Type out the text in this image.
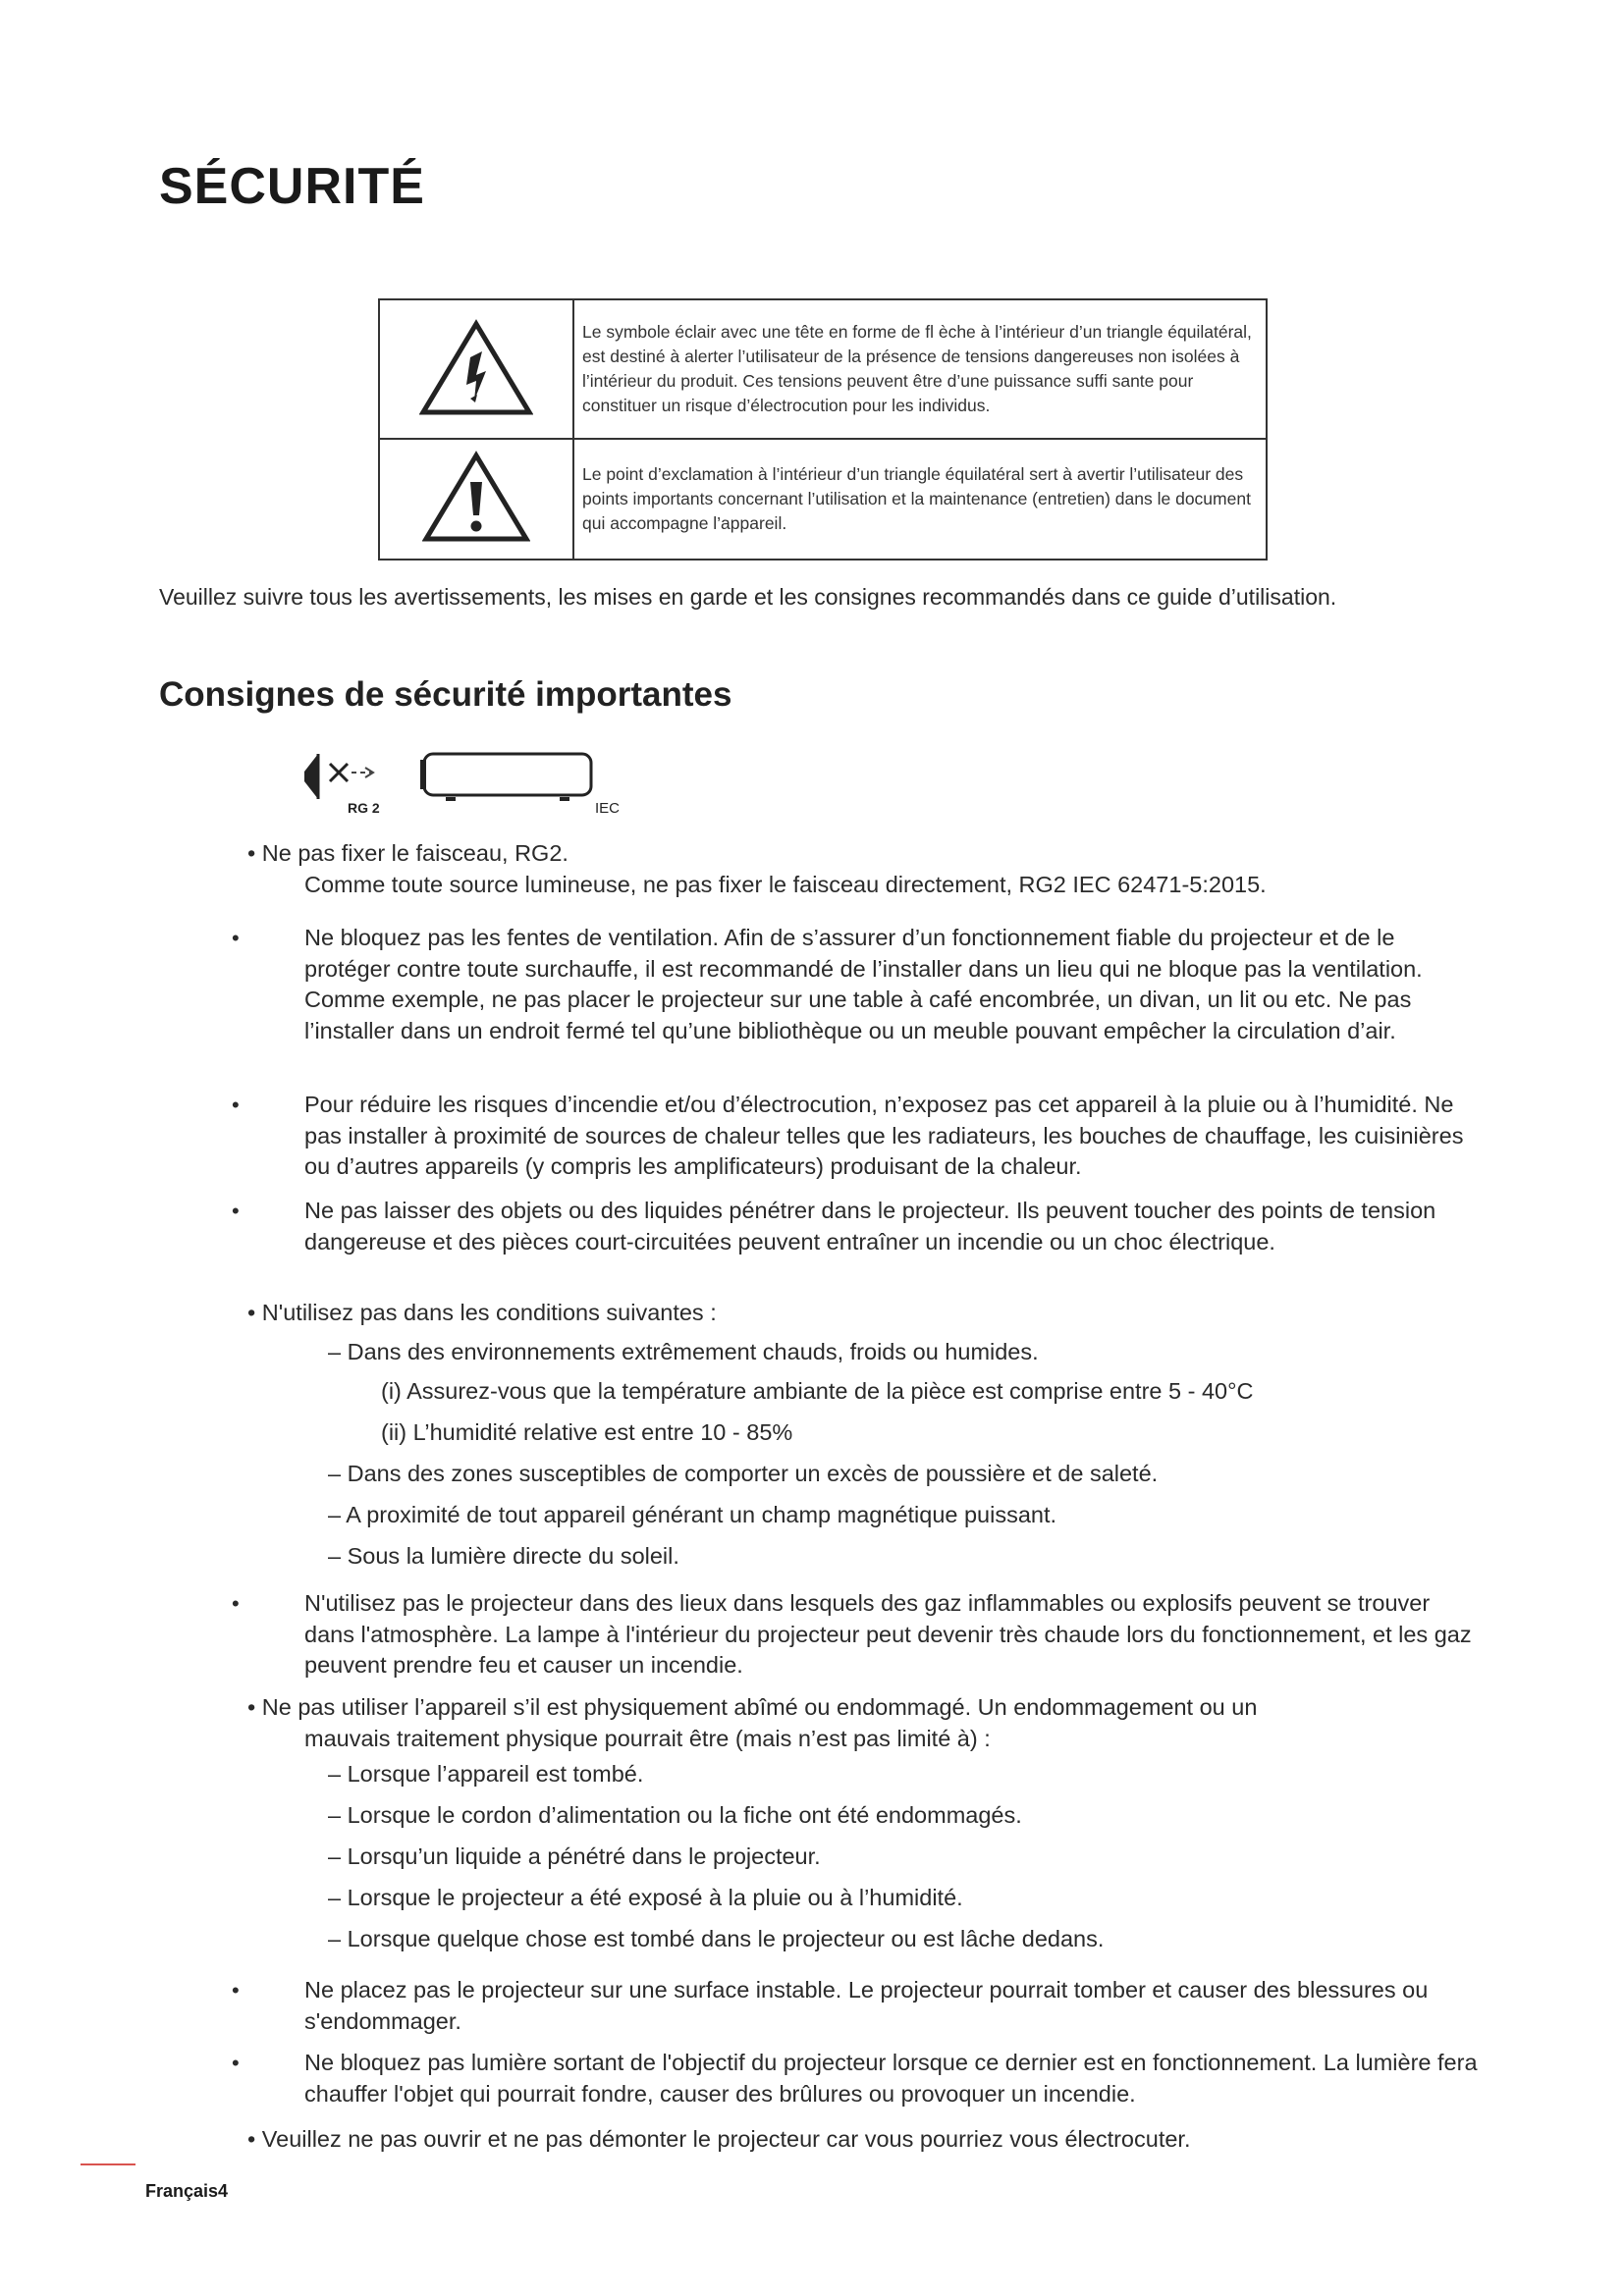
SÉCURITÉ
	Le symbole éclair avec une tête en forme de fl èche à l’intérieur d’un triangle équilatéral, est destiné à alerter l’utilisateur de la présence de tensions dangereuses non isolées à l’intérieur du produit. Ces tensions peuvent être d’une puissance suffi sante pour constituer un risque d’électrocution pour les individus.
	Le point d’exclamation à l’intérieur d’un triangle équilatéral sert à avertir l’utilisateur des points importants concernant l’utilisation et la maintenance (entretien) dans le document qui accompagne l’appareil.

Veuillez suivre tous les avertissements, les mises en garde et les consignes recommandés dans ce guide d’utilisation.

Consignes de sécurité importantes
RG 2	IEC

• Ne pas fixer le faisceau, RG2.

Comme toute source lumineuse, ne pas fixer le faisceau directement, RG2 IEC 62471-5:2015.

•	Ne bloquez pas les fentes de ventilation. Afin de s’assurer d’un fonctionnement fiable du projecteur et de le protéger contre toute surchauffe, il est recommandé de l’installer dans un lieu qui ne bloque pas la ventilation. Comme exemple, ne pas placer le projecteur sur une table à café encombrée, un divan, un lit ou etc. Ne pas l’installer dans un endroit fermé tel qu’une bibliothèque ou un meuble pouvant empêcher la circulation d’air.

•	Pour réduire les risques d’incendie et/ou d’électrocution, n’exposez pas cet appareil à la pluie ou à l’humidité. Ne pas installer à proximité de sources de chaleur telles que les radiateurs, les bouches de chauffage, les cuisinières ou d’autres appareils (y compris les amplificateurs) produisant de la chaleur.

•	Ne pas laisser des objets ou des liquides pénétrer dans le projecteur. Ils peuvent toucher des points de tension dangereuse et des pièces court-circuitées peuvent entraîner un incendie ou un choc électrique.

• N'utilisez pas dans les conditions suivantes :

– Dans des environnements extrêmement chauds, froids ou humides.

(i) Assurez-vous que la température ambiante de la pièce est comprise entre 5 - 40°C

(ii) L’humidité relative est entre 10 - 85%

– Dans des zones susceptibles de comporter un excès de poussière et de saleté.

– A proximité de tout appareil générant un champ magnétique puissant.

– Sous la lumière directe du soleil.

•	N'utilisez pas le projecteur dans des lieux dans lesquels des gaz inflammables ou explosifs peuvent se trouver dans l'atmosphère. La lampe à l'intérieur du projecteur peut devenir très chaude lors du fonctionnement, et les gaz peuvent prendre feu et causer un incendie.

• Ne pas utiliser l’appareil s’il est physiquement abîmé ou endommagé. Un endommagement ou un

mauvais traitement physique pourrait être (mais n’est pas limité à) :

– Lorsque l’appareil est tombé.

– Lorsque le cordon d’alimentation ou la fiche ont été endommagés.

– Lorsqu’un liquide a pénétré dans le projecteur.

– Lorsque le projecteur a été exposé à la pluie ou à l’humidité.

– Lorsque quelque chose est tombé dans le projecteur ou est lâche dedans.

•	Ne placez pas le projecteur sur une surface instable. Le projecteur pourrait tomber et causer des blessures ou s'endommager.

•	Ne bloquez pas lumière sortant de l'objectif du projecteur lorsque ce dernier est en fonctionnement. La lumière fera chauffer l'objet qui pourrait fondre, causer des brûlures ou provoquer un incendie.

• Veuillez ne pas ouvrir et ne pas démonter le projecteur car vous pourriez vous électrocuter.

Français4
